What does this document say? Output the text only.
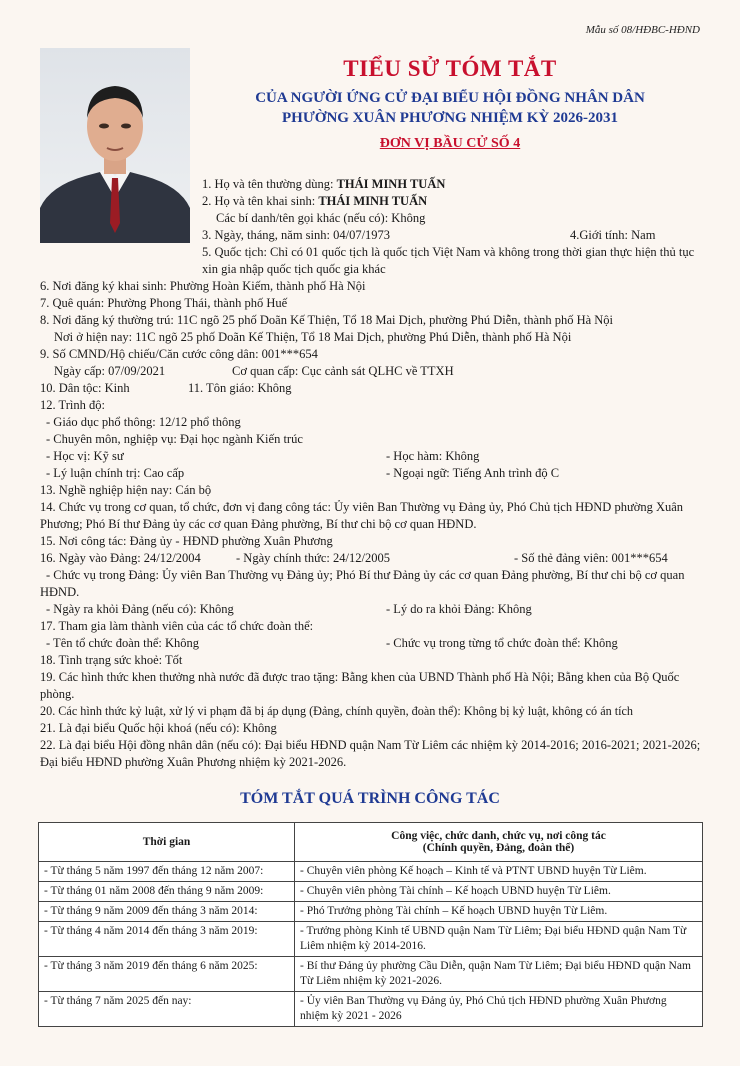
Mẫu số 08/HĐBC-HĐND
TIỂU SỬ TÓM TẮT
CỦA NGƯỜI ỨNG CỬ ĐẠI BIỂU HỘI ĐỒNG NHÂN DÂN
PHƯỜNG XUÂN PHƯƠNG NHIỆM KỲ 2026-2031
ĐƠN VỊ BẦU CỬ SỐ 4
1. Họ và tên thường dùng: THÁI MINH TUẤN
2. Họ và tên khai sinh: THÁI MINH TUẤN
Các bí danh/tên gọi khác (nếu có): Không
3. Ngày, tháng, năm sinh: 04/07/1973	4.Giới tính: Nam
5. Quốc tịch: Chỉ có 01 quốc tịch là quốc tịch Việt Nam và không trong thời gian thực hiện thủ tục xin gia nhập quốc tịch quốc gia khác
6. Nơi đăng ký khai sinh: Phường Hoàn Kiếm, thành phố Hà Nội
7. Quê quán: Phường Phong Thái, thành phố Huế
8. Nơi đăng ký thường trú: 11C ngõ 25 phố Doãn Kế Thiện, Tổ 18 Mai Dịch, phường Phú Diễn, thành phố Hà Nội
Nơi ở hiện nay: 11C ngõ 25 phố Doãn Kế Thiện, Tổ 18 Mai Dịch, phường Phú Diễn, thành phố Hà Nội
9. Số CMND/Hộ chiếu/Căn cước công dân: 001***654
Ngày cấp: 07/09/2021	Cơ quan cấp: Cục cảnh sát QLHC về TTXH
10. Dân tộc: Kinh	11. Tôn giáo: Không
12. Trình độ:
- Giáo dục phổ thông: 12/12 phổ thông
- Chuyên môn, nghiệp vụ: Đại học ngành Kiến trúc
- Học vị: Kỹ sư	- Học hàm: Không
- Lý luận chính trị: Cao cấp	- Ngoại ngữ: Tiếng Anh trình độ C
13. Nghề nghiệp hiện nay: Cán bộ
14. Chức vụ trong cơ quan, tổ chức, đơn vị đang công tác: Ủy viên Ban Thường vụ Đảng ủy, Phó Chủ tịch HĐND phường Xuân Phương; Phó Bí thư Đảng ủy các cơ quan Đảng phường, Bí thư chi bộ cơ quan HĐND.
15. Nơi công tác: Đảng ủy - HĐND phường Xuân Phương
16. Ngày vào Đảng: 24/12/2004	- Ngày chính thức: 24/12/2005	- Số thẻ đảng viên: 001***654
- Chức vụ trong Đảng: Ủy viên Ban Thường vụ Đảng ủy; Phó Bí thư Đảng ủy các cơ quan Đảng phường, Bí thư chi bộ cơ quan HĐND.
- Ngày ra khỏi Đảng (nếu có): Không	- Lý do ra khỏi Đảng: Không
17. Tham gia làm thành viên của các tổ chức đoàn thể:
- Tên tổ chức đoàn thể: Không	- Chức vụ trong từng tổ chức đoàn thể: Không
18. Tình trạng sức khoẻ: Tốt
19. Các hình thức khen thưởng nhà nước đã được trao tặng: Bằng khen của UBND Thành phố Hà Nội; Bằng khen của Bộ Quốc phòng.
20. Các hình thức kỷ luật, xử lý vi phạm đã bị áp dụng (Đảng, chính quyền, đoàn thể): Không bị kỷ luật, không có án tích
21. Là đại biểu Quốc hội khoá (nếu có): Không
22. Là đại biểu Hội đồng nhân dân (nếu có): Đại biểu HĐND quận Nam Từ Liêm các nhiệm kỳ 2014-2016; 2016-2021; 2021-2026; Đại biểu HĐND phường Xuân Phương nhiệm kỳ 2021-2026.
TÓM TẮT QUÁ TRÌNH CÔNG TÁC
Thời gian	Công việc, chức danh, chức vụ, nơi công tác
(Chính quyền, Đảng, đoàn thể)

- Từ tháng 5 năm 1997 đến tháng 12 năm 2007:	- Chuyên viên phòng Kế hoạch – Kinh tế và PTNT UBND huyện Từ Liêm.
- Từ tháng 01 năm 2008 đến tháng 9 năm 2009:	- Chuyên viên phòng Tài chính – Kế hoạch UBND huyện Từ Liêm.
- Từ tháng 9 năm 2009 đến tháng 3 năm 2014:	- Phó Trưởng phòng Tài chính – Kế hoạch UBND huyện Từ Liêm.
- Từ tháng 4 năm 2014 đến tháng 3 năm 2019:	- Trưởng phòng Kinh tế UBND quận Nam Từ Liêm; Đại biểu HĐND quận Nam Từ Liêm nhiệm kỳ 2014-2016.
- Từ tháng 3 năm 2019 đến tháng 6 năm 2025:	- Bí thư Đảng ủy phường Cầu Diễn, quận Nam Từ Liêm; Đại biểu HĐND quận Nam Từ Liêm nhiệm kỳ 2021-2026.
- Từ tháng 7 năm 2025 đến nay:	- Ủy viên Ban Thường vụ Đảng ủy, Phó Chủ tịch HĐND phường Xuân Phương nhiệm kỳ 2021 - 2026
